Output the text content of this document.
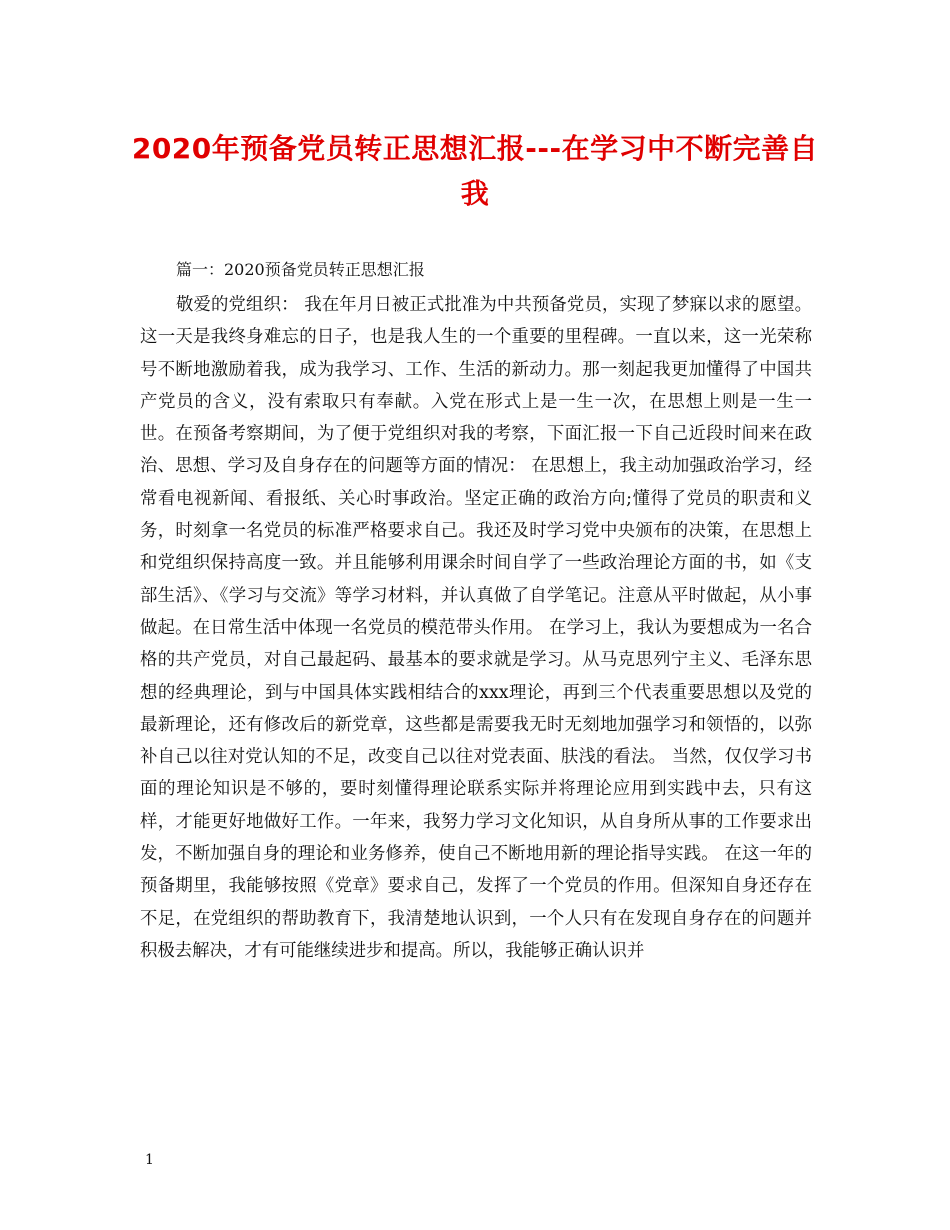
2020年预备党员转正思想汇报---在学习中不断完善自我

篇一：2020预备党员转正思想汇报

敬爱的党组织： 我在年月日被正式批准为中共预备党员，实现了梦寐以求的愿望。这一天是我终身难忘的日子，也是我人生的一个重要的里程碑。一直以来，这一光荣称号不断地激励着我，成为我学习、工作、生活的新动力。那一刻起我更加懂得了中国共产党员的含义，没有索取只有奉献。入党在形式上是一生一次，在思想上则是一生一世。在预备考察期间，为了便于党组织对我的考察，下面汇报一下自己近段时间来在政治、思想、学习及自身存在的问题等方面的情况： 在思想上，我主动加强政治学习，经常看电视新闻、看报纸、关心时事政治。坚定正确的政治方向;懂得了党员的职责和义务，时刻拿一名党员的标准严格要求自己。我还及时学习党中央颁布的决策，在思想上和党组织保持高度一致。并且能够利用课余时间自学了一些政治理论方面的书，如《支部生活》、《学习与交流》等学习材料，并认真做了自学笔记。注意从平时做起，从小事做起。在日常生活中体现一名党员的模范带头作用。 在学习上，我认为要想成为一名合格的共产党员，对自己最起码、最基本的要求就是学习。从马克思列宁主义、毛泽东思想的经典理论，到与中国具体实践相结合的xxx理论，再到三个代表重要思想以及党的最新理论，还有修改后的新党章，这些都是需要我无时无刻地加强学习和领悟的，以弥补自己以往对党认知的不足，改变自己以往对党表面、肤浅的看法。 当然，仅仅学习书面的理论知识是不够的，要时刻懂得理论联系实际并将理论应用到实践中去，只有这样，才能更好地做好工作。一年来，我努力学习文化知识，从自身所从事的工作要求出发，不断加强自身的理论和业务修养，使自己不断地用新的理论指导实践。 在这一年的预备期里，我能够按照《党章》要求自己，发挥了一个党员的作用。但深知自身还存在不足，在党组织的帮助教育下，我清楚地认识到，一个人只有在发现自身存在的问题并积极去解决，才有可能继续进步和提高。所以，我能够正确认识并

1
